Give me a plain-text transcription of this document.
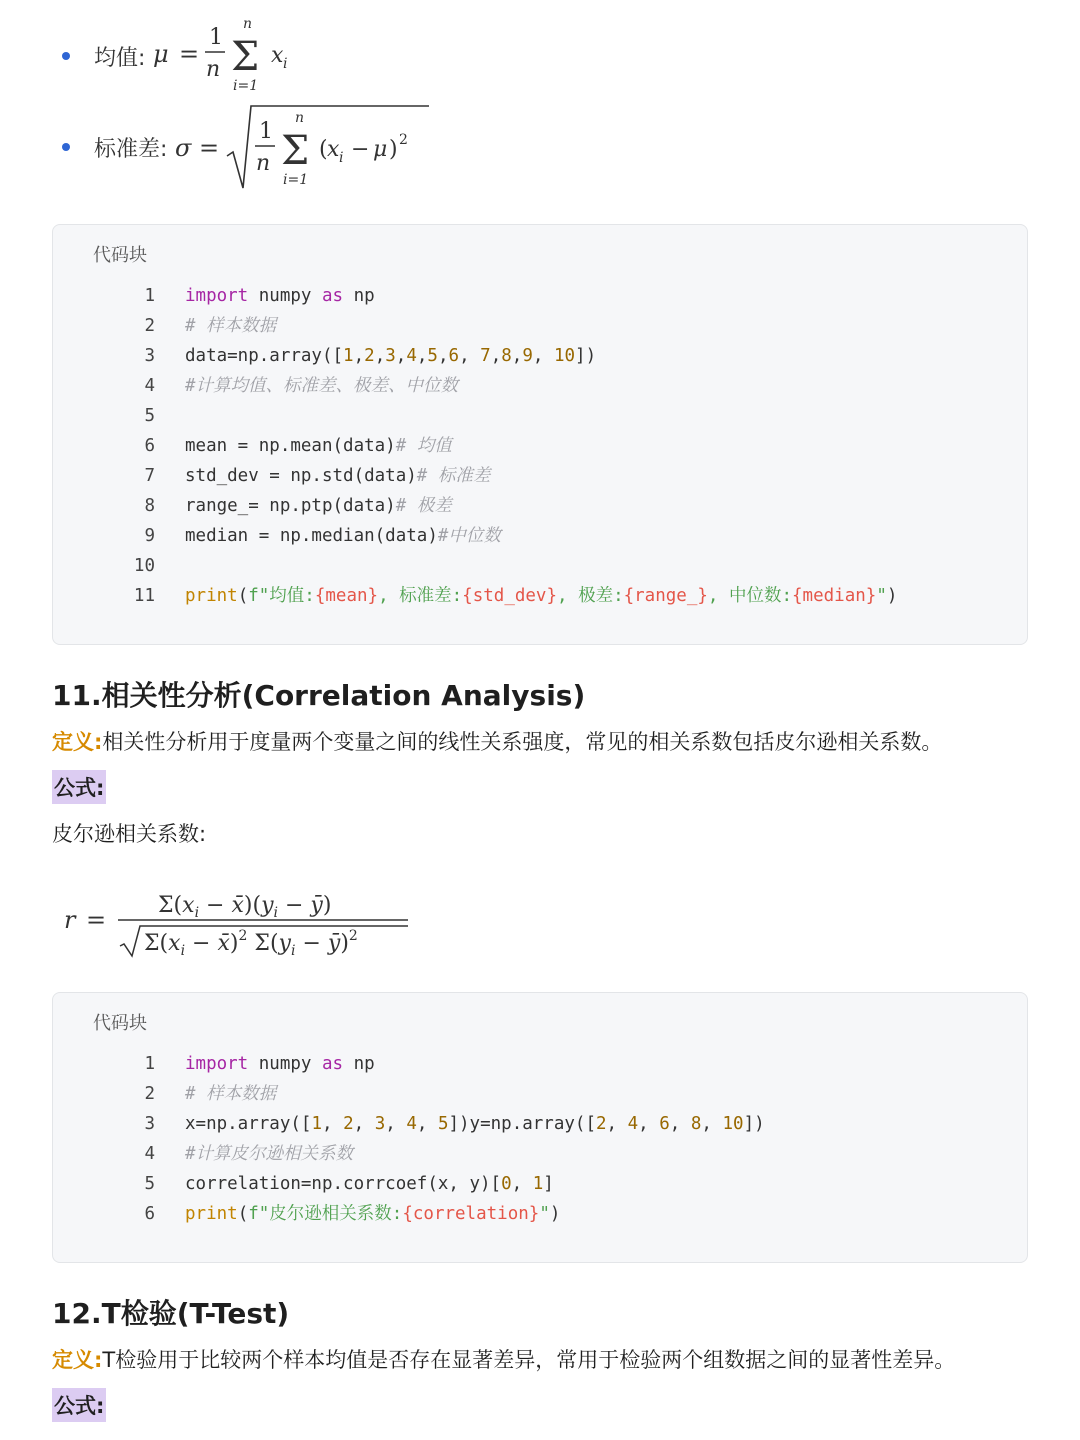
均值: μ =
1
n Σ
n
i=1
x i
标准差: σ =
1
n Σ
n
i=1
( x i − μ ) 2
代码块
1	import numpy as np
2	# 样本数据
3	data=np.array([1,2,3,4,5,6, 7,8,9, 10])
4	#计算均值、标准差、极差、中位数
5
6	mean = np.mean(data)# 均值
7	std_dev = np.std(data)# 标准差
8	range_= np.ptp(data)# 极差
9	median = np.median(data)#中位数
10
11	print(f"均值:{mean}, 标准差:{std_dev}, 极差:{range_}, 中位数:{median}")
11.相关性分析(Correlation Analysis)
定义:相关性分析用于度量两个变量之间的线性关系强度，常见的相关系数包括皮尔逊相关系数。
公式:
皮尔逊相关系数:
r =
$\Sigma(x_i$ − $x̄)(y_i$ − ȳ)
$\Sigma(x_i$ − x̄)$^2$ $\Sigma(y_i$ − ȳ)$^2$
代码块
1	import numpy as np
2	# 样本数据
3	x=np.array([1, 2, 3, 4, 5])y=np.array([2, 4, 6, 8, 10])
4	#计算皮尔逊相关系数
5	correlation=np.corrcoef(x, y)[0, 1]
6	print(f"皮尔逊相关系数:{correlation}")
12.T检验(T-Test)
定义:T检验用于比较两个样本均值是否存在显著差异，常用于检验两个组数据之间的显著性差异。
公式:
